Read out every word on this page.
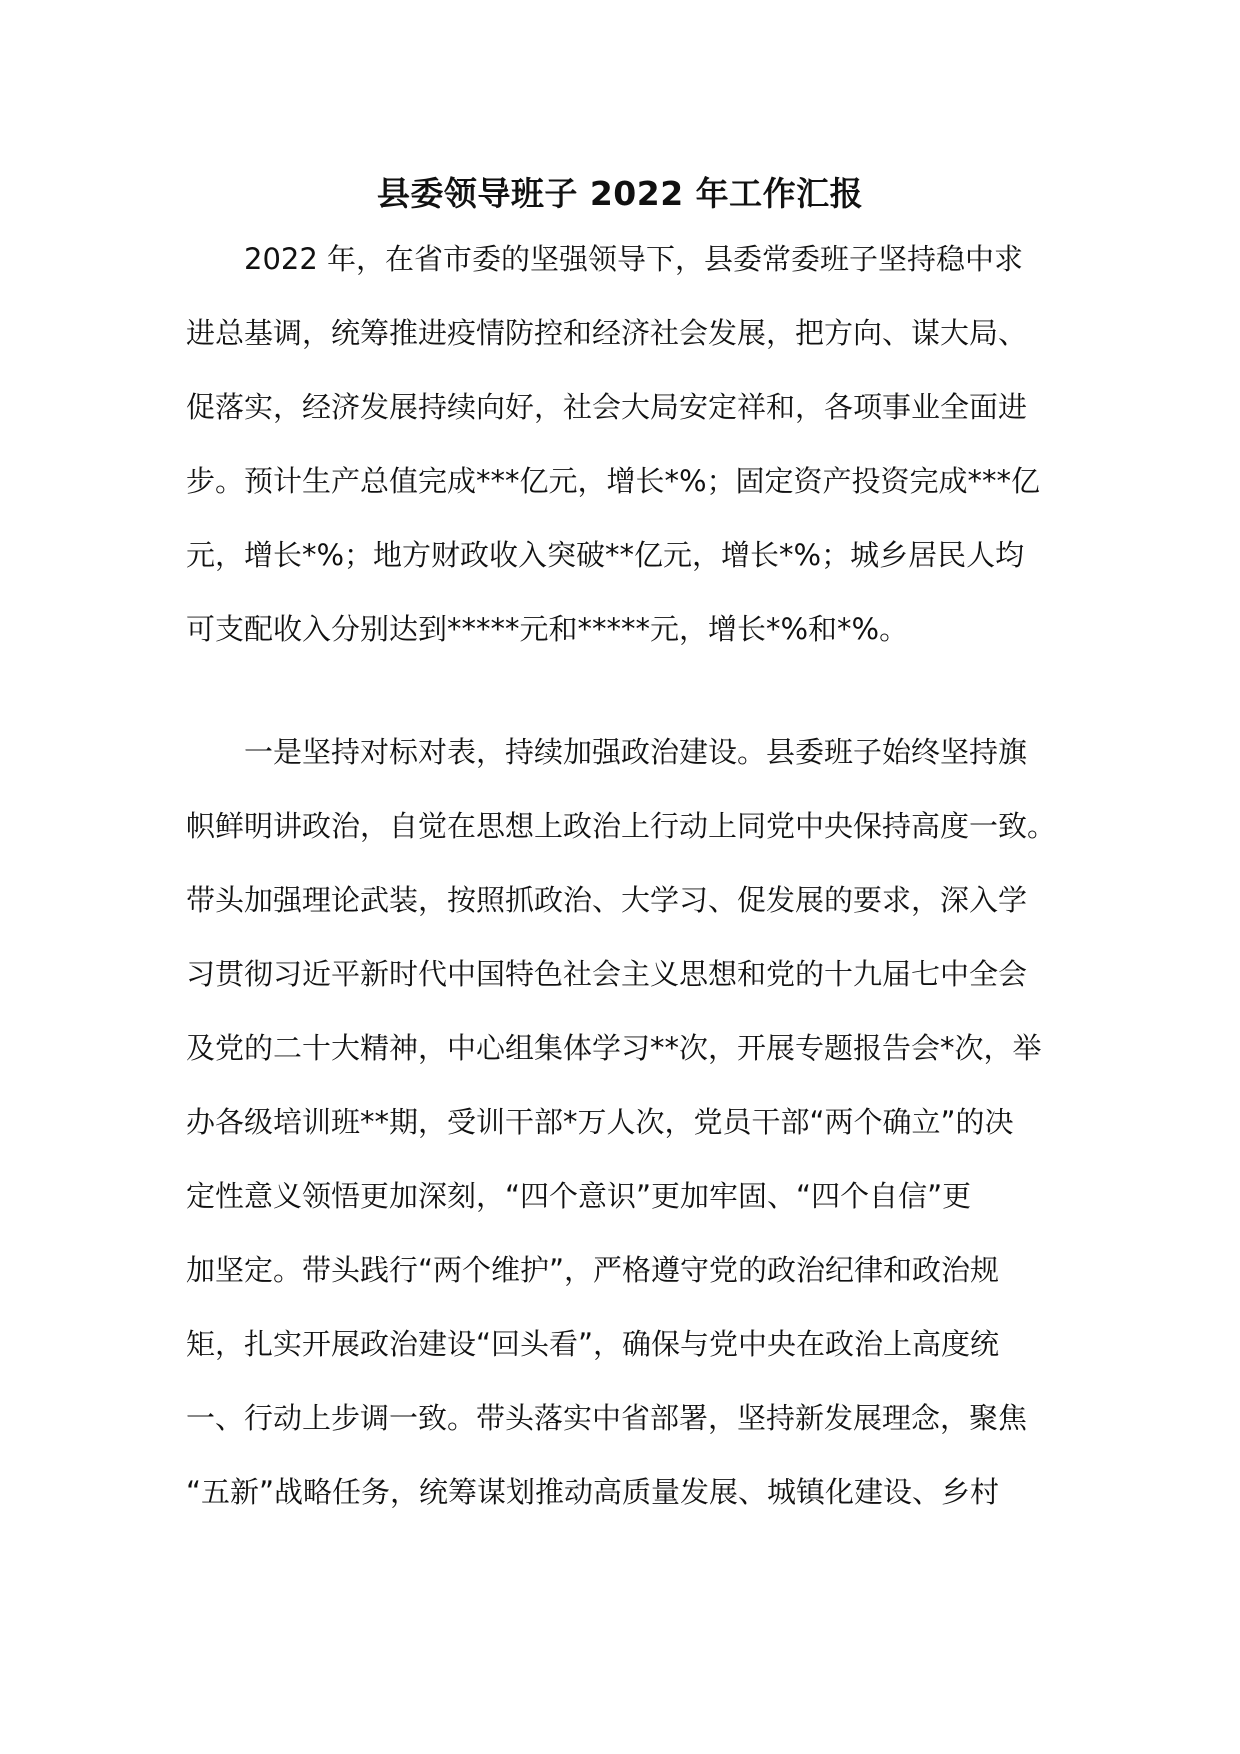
县委领导班子 2022 年工作汇报
2022 年，在省市委的坚强领导下，县委常委班子坚持稳中求
进总基调，统筹推进疫情防控和经济社会发展，把方向、谋大局、
促落实，经济发展持续向好，社会大局安定祥和，各项事业全面进
步。预计生产总值完成***亿元，增长*%；固定资产投资完成***亿
元，增长*%；地方财政收入突破**亿元，增长*%；城乡居民人均
可支配收入分别达到*****元和*****元，增长*%和*%。
一是坚持对标对表，持续加强政治建设。县委班子始终坚持旗
帜鲜明讲政治，自觉在思想上政治上行动上同党中央保持高度一致。
带头加强理论武装，按照抓政治、大学习、促发展的要求，深入学
习贯彻习近平新时代中国特色社会主义思想和党的十九届七中全会
及党的二十大精神，中心组集体学习**次，开展专题报告会*次，举
办各级培训班**期，受训干部*万人次，党员干部“两个确立”的决
定性意义领悟更加深刻，“四个意识”更加牢固、“四个自信”更
加坚定。带头践行“两个维护”，严格遵守党的政治纪律和政治规
矩，扎实开展政治建设“回头看”，确保与党中央在政治上高度统
一、行动上步调一致。带头落实中省部署，坚持新发展理念，聚焦
“五新”战略任务，统筹谋划推动高质量发展、城镇化建设、乡村
